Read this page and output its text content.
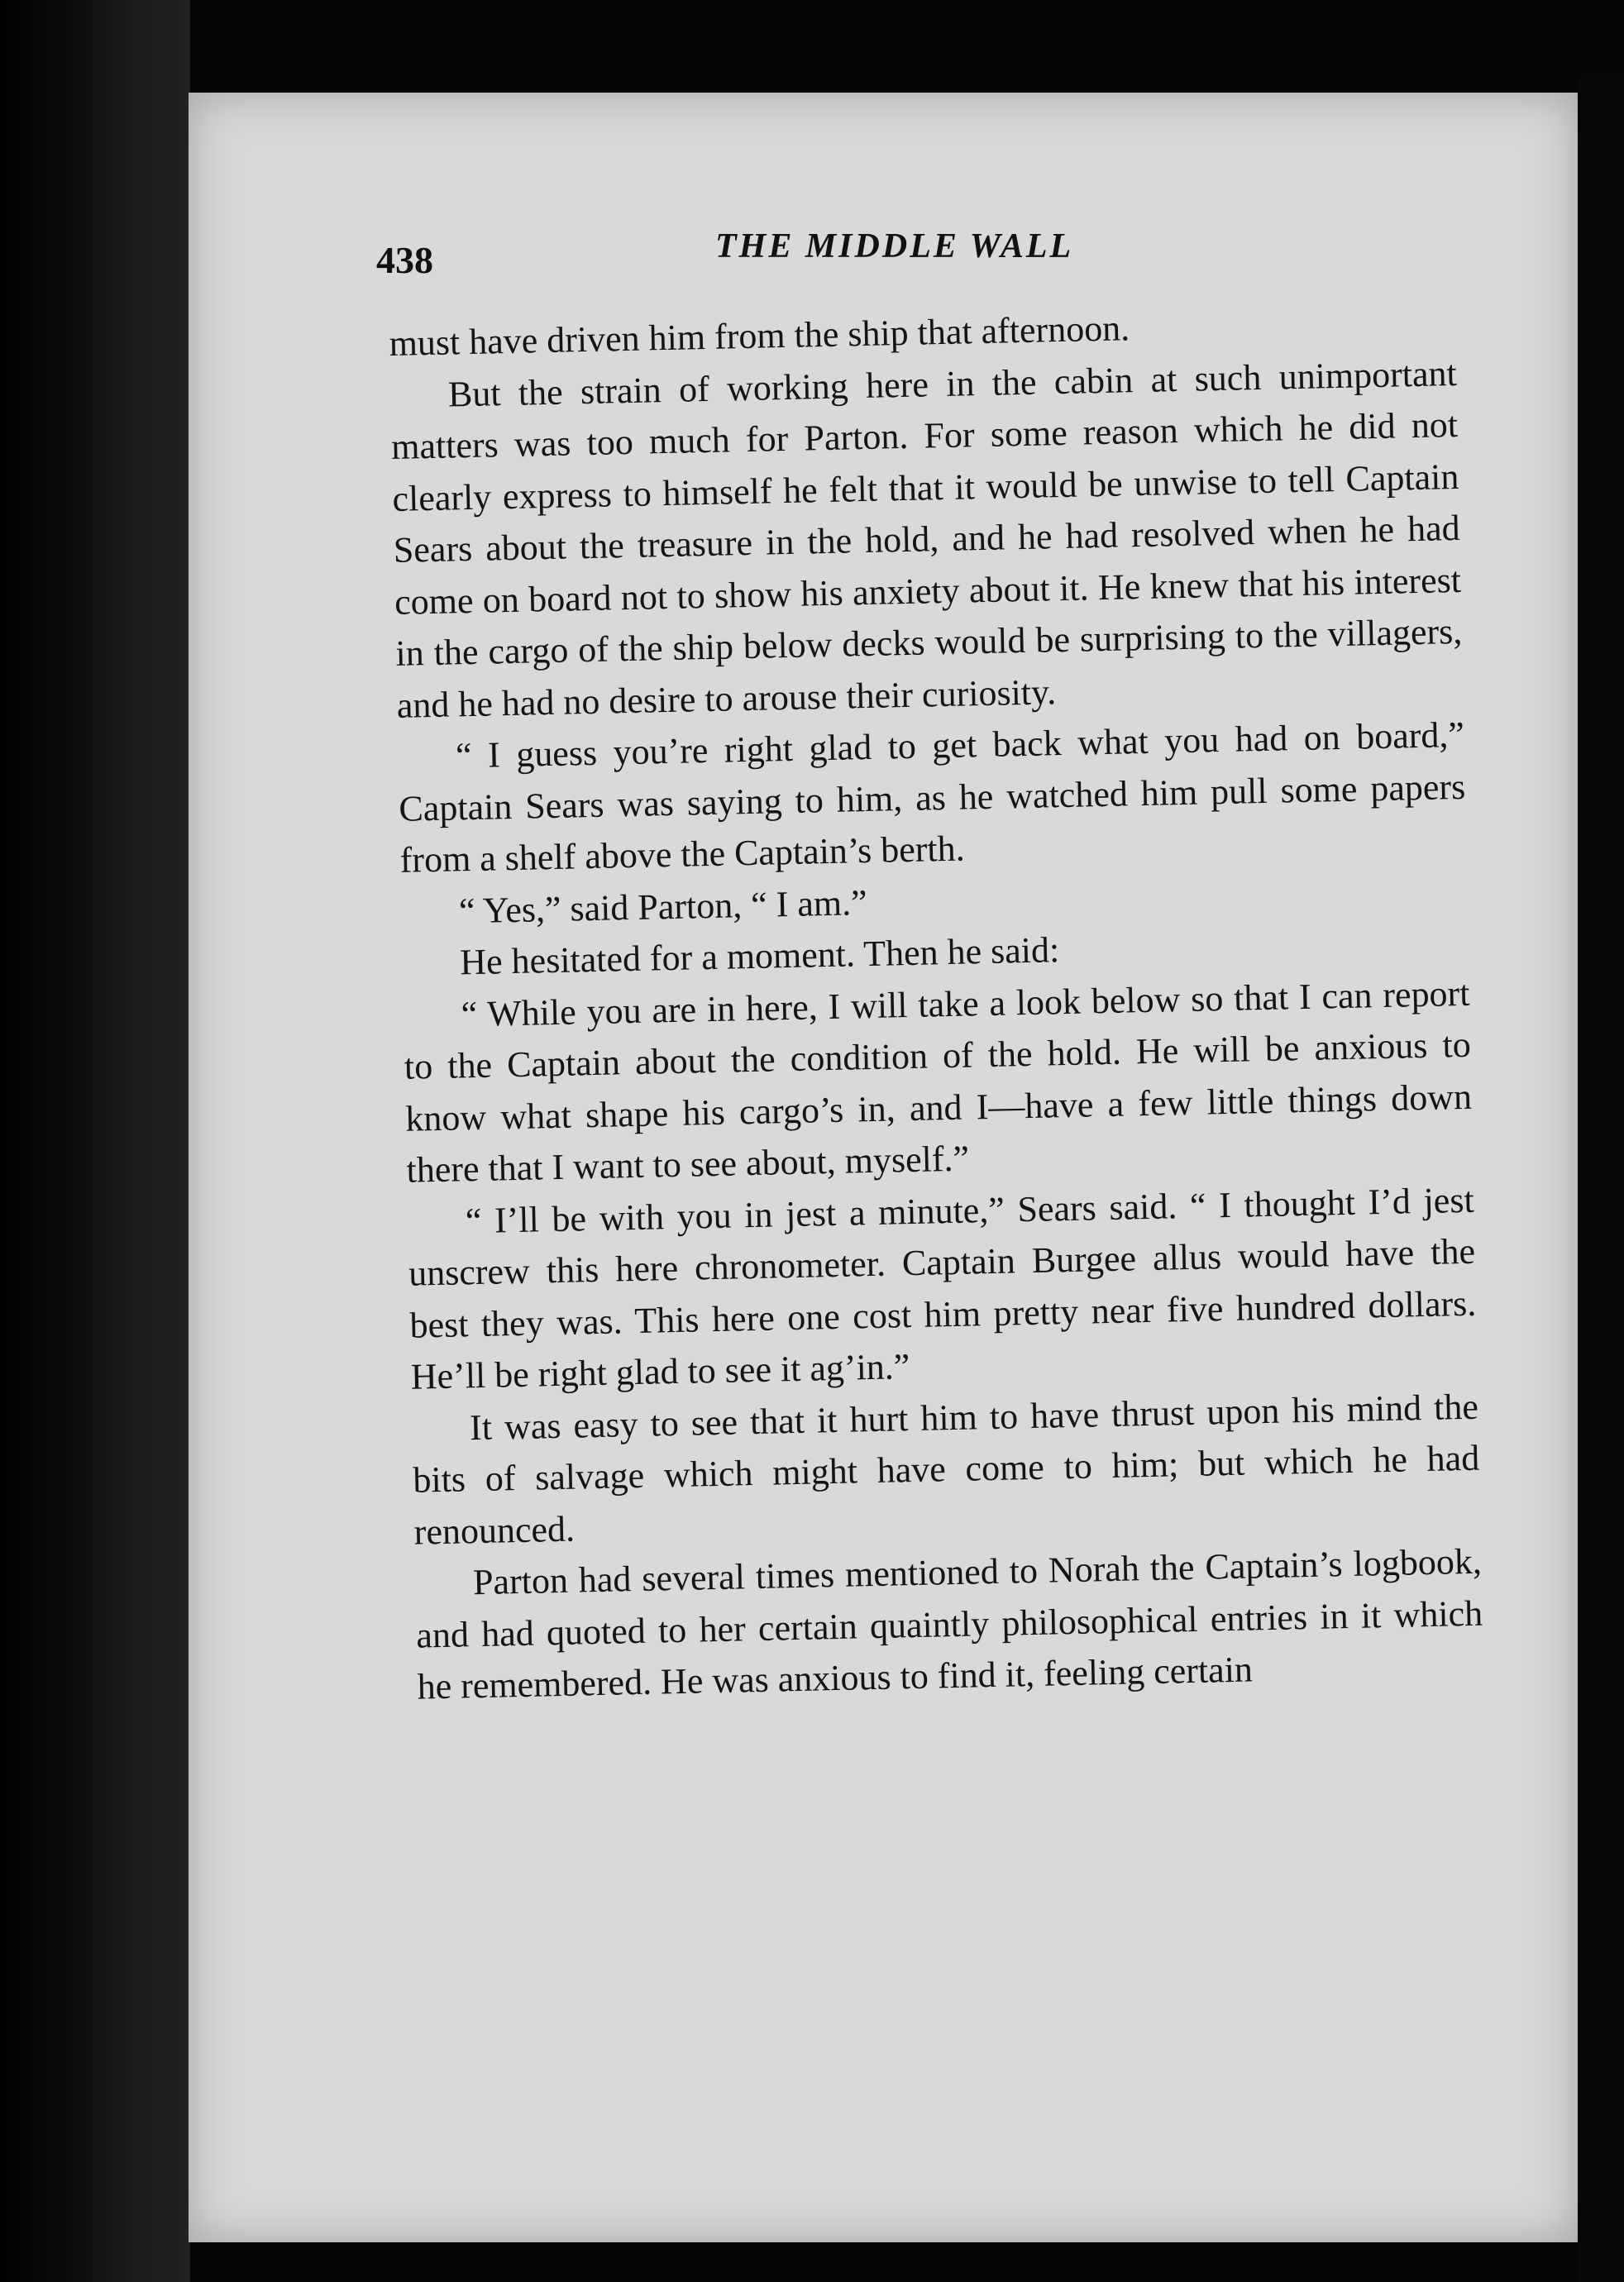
438	THE MIDDLE WALL

must have driven him from the ship that afternoon.

But the strain of working here in the cabin at such unimportant matters was too much for Parton. For some reason which he did not clearly express to himself he felt that it would be unwise to tell Captain Sears about the treasure in the hold, and he had resolved when he had come on board not to show his anxiety about it. He knew that his interest in the cargo of the ship below decks would be surprising to the villagers, and he had no desire to arouse their curiosity.

“ I guess you’re right glad to get back what you had on board,” Captain Sears was saying to him, as he watched him pull some papers from a shelf above the Captain’s berth.

“ Yes,” said Parton, “ I am.”

He hesitated for a moment. Then he said:

“ While you are in here, I will take a look below so that I can report to the Captain about the condition of the hold. He will be anxious to know what shape his cargo’s in, and I—have a few little things down there that I want to see about, myself.”

“ I’ll be with you in jest a minute,” Sears said. “ I thought I’d jest unscrew this here chronometer. Captain Burgee allus would have the best they was. This here one cost him pretty near five hundred dollars. He’ll be right glad to see it ag’in.”

It was easy to see that it hurt him to have thrust upon his mind the bits of salvage which might have come to him; but which he had renounced.

Parton had several times mentioned to Norah the Captain’s logbook, and had quoted to her certain quaintly philosophical entries in it which he remembered. He was anxious to find it, feeling certain
